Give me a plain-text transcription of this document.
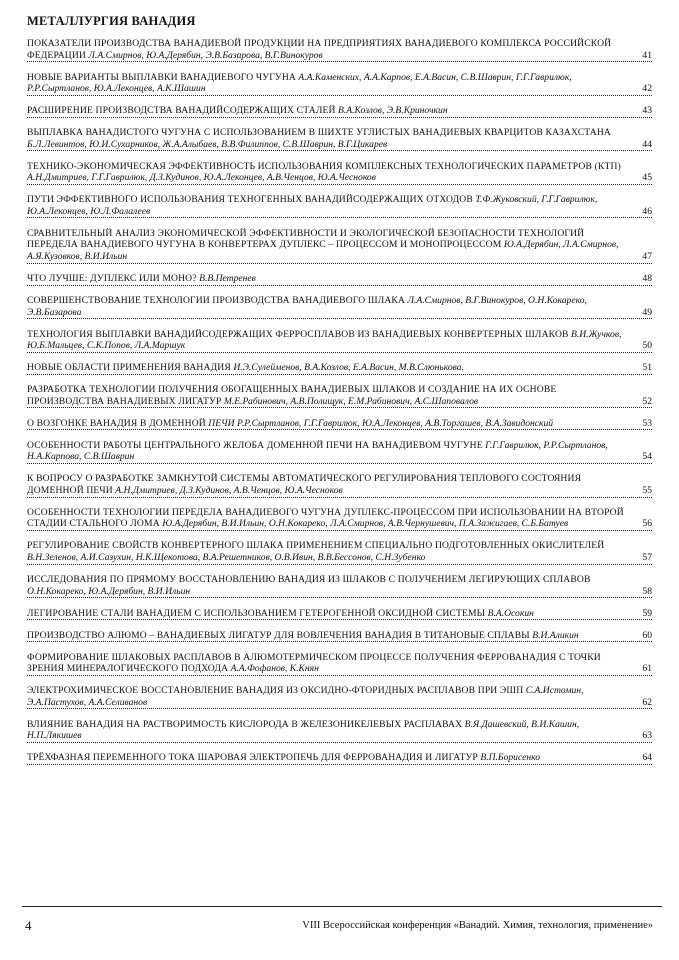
МЕТАЛЛУРГИЯ ВАНАДИЯ
ПОКАЗАТЕЛИ ПРОИЗВОДСТВА ВАНАДИЕВОЙ ПРОДУКЦИИ НА ПРЕДПРИЯТИЯХ ВАНАДИЕВОГО КОМПЛЕКСА РОССИЙСКОЙ ФЕДЕРАЦИИ Л.А.Смирнов, Ю.А.Дерябин, Э.В.Базарова, В.Г.Винокуров	41
НОВЫЕ ВАРИАНТЫ ВЫПЛАВКИ ВАНАДИЕВОГО ЧУГУНА А.А.Каменских, А.А.Карпов, Е.А.Васин, С.В.Шаврин, Г.Г.Гаврилюк, Р.Р.Сыртланов, Ю.А.Леконцев, А.К.Шашин	42
РАСШИРЕНИЕ ПРОИЗВОДСТВА ВАНАДИЙСОДЕРЖАЩИХ СТАЛЕЙ В.А.Козлов, Э.В.Криночкин	43
ВЫПЛАВКА ВАНАДИСТОГО ЧУГУНА С ИСПОЛЬЗОВАНИЕМ В ШИХТЕ УГЛИСТЫХ ВАНАДИЕВЫХ КВАРЦИТОВ КАЗАХСТАНА Б.Л.Левинтов, Ю.И.Сухарников, Ж.А.Алыбаев, В.В.Филиппов, С.В.Шаврин, В.Г.Цикарев	44
ТЕХНИКО-ЭКОНОМИЧЕСКАЯ ЭФФЕКТИВНОСТЬ ИСПОЛЬЗОВАНИЯ КОМПЛЕКСНЫХ ТЕХНОЛОГИЧЕСКИХ ПАРАМЕТРОВ (КТП) А.Н.Дмитриев, Г.Г.Гаврилюк, Д.З.Кудинов, Ю.А.Леконцев, А.В.Ченцов, Ю.А.Чесноков	45
ПУТИ ЭФФЕКТИВНОГО ИСПОЛЬЗОВАНИЯ ТЕХНОГЕННЫХ ВАНАДИЙСОДЕРЖАЩИХ ОТХОДОВ Т.Ф.Жуковский, Г.Г.Гаврилюк, Ю.А.Леконцев, Ю.Л.Фалалеев	46
СРАВНИТЕЛЬНЫЙ АНАЛИЗ ЭКОНОМИЧЕСКОЙ ЭФФЕКТИВНОСТИ И ЭКОЛОГИЧЕСКОЙ БЕЗОПАСНОСТИ ТЕХНОЛОГИЙ ПЕРЕДЕЛА ВАНАДИЕВОГО ЧУГУНА В КОНВЕРТЕРАХ ДУПЛЕКС – ПРОЦЕССОМ И МОНОПРОЦЕССОМ Ю.А.Дерябин, Л.А.Смирнов, А.Я.Кузовков, В.И.Ильин	47
ЧТО ЛУЧШЕ: ДУПЛЕКС ИЛИ МОНО? В.В.Петренев	48
СОВЕРШЕНСТВОВАНИЕ ТЕХНОЛОГИИ ПРОИЗВОДСТВА ВАНАДИЕВОГО ШЛАКА Л.А.Смирнов, В.Г.Винокуров, О.Н.Кокарeко, Э.В.Базарова	49
ТЕХНОЛОГИЯ ВЫПЛАВКИ ВАНАДИЙСОДЕРЖАЩИХ ФЕРРОСПЛАВОВ ИЗ ВАНАДИЕВЫХ КОНВЕРТЕРНЫХ ШЛАКОВ В.И.Жучков, Ю.Б.Мальцев, С.К.Попов, Л.А.Маршук	50
НОВЫЕ ОБЛАСТИ ПРИМЕНЕНИЯ ВАНАДИЯ И.Э.Сулейменов, В.А.Козлов, Е.А.Васин, М.В.Слюнькова.	51
РАЗРАБОТКА ТЕХНОЛОГИИ ПОЛУЧЕНИЯ ОБОГАЩЕННЫХ ВАНАДИЕВЫХ ШЛАКОВ И СОЗДАНИЕ НА ИХ ОСНОВЕ ПРОИЗВОДСТВА ВАНАДИЕВЫХ ЛИГАТУР М.Е.Рабинович, А.В.Полищук, Е.М.Рабинович, А.С.Шаповалов	52
О ВОЗГОНКЕ ВАНАДИЯ В ДОМЕННОЙ ПЕЧИ Р.Р.Сыртланов, Г.Г.Гаврилюк, Ю.А.Леконцев, А.В.Торгашев, В.А.Завидонский	53
ОСОБЕННОСТИ РАБОТЫ ЦЕНТРАЛЬНОГО ЖЕЛОБА ДОМЕННОЙ ПЕЧИ НА ВАНАДИЕВОМ ЧУГУНЕ Г.Г.Гаврилюк, Р.Р.Сыртланов, Н.А.Карпова, С.В.Шаврин	54
К ВОПРОСУ О РАЗРАБОТКЕ ЗАМКНУТОЙ СИСТЕМЫ АВТОМАТИЧЕСКОГО РЕГУЛИРОВАНИЯ ТЕПЛОВОГО СОСТОЯНИЯ ДОМЕННОЙ ПЕЧИ А.Н.Дмитриев, Д.З.Кудинов, А.В.Ченцов, Ю.А.Чесноков	55
ОСОБЕННОСТИ ТЕХНОЛОГИИ ПЕРЕДЕЛА ВАНАДИЕВОГО ЧУГУНА ДУПЛЕКС-ПРОЦЕССОМ ПРИ ИСПОЛЬЗОВАНИИ НА ВТОРОЙ СТАДИИ СТАЛЬНОГО ЛОМА Ю.А.Дерябин, В.И.Ильин, О.Н.Кокарeко, Л.А.Смирнов, А.В.Чернушевич, П.А.Зажигаев, С.Б.Батуев	56
РЕГУЛИРОВАНИЕ СВОЙСТВ КОНВЕРТЕРНОГО ШЛАКА ПРИМЕНЕНИЕМ СПЕЦИАЛЬНО ПОДГОТОВЛЕННЫХ ОКИСЛИТЕЛЕЙ В.Н.Зеленов, А.И.Сазухин, Н.К.Щекотова, В.А.Решетников, О.В.Ивин, В.В.Бессонов, С.Н.Зубенко	57
ИССЛЕДОВАНИЯ ПО ПРЯМОМУ ВОССТАНОВЛЕНИЮ ВАНАДИЯ ИЗ ШЛАКОВ С ПОЛУЧЕНИЕМ ЛЕГИРУЮЩИХ СПЛАВОВ О.Н.Кокарeко, Ю.А.Дерябин, В.И.Ильин	58
ЛЕГИРОВАНИЕ СТАЛИ ВАНАДИЕМ С ИСПОЛЬЗОВАНИЕМ ГЕТЕРОГЕННОЙ ОКСИДНОЙ СИСТЕМЫ В.А.Осокин	59
ПРОИЗВОДСТВО АЛЮМО – ВАНАДИЕВЫХ ЛИГАТУР ДЛЯ ВОВЛЕЧЕНИЯ ВАНАДИЯ В ТИТАНОВЫЕ СПЛАВЫ В.И.Аликин	60
ФОРМИРОВАНИЕ ШЛАКОВЫХ РАСПЛАВОВ В АЛЮМОТЕРМИЧЕСКОМ ПРОЦЕССЕ ПОЛУЧЕНИЯ ФЕРРОВАНАДИЯ С ТОЧКИ ЗРЕНИЯ МИНЕРАЛОГИЧЕСКОГО ПОДХОДА А.А.Фофанов, К.Княн	61
ЭЛЕКТРОХИМИЧЕСКОЕ ВОССТАНОВЛЕНИЕ ВАНАДИЯ ИЗ ОКСИДНО-ФТОРИДНЫХ РАСПЛАВОВ ПРИ ЭШП С.А.Истомин, Э.А.Пастухов, А.А.Селиванов	62
ВЛИЯНИЕ ВАНАДИЯ НА РАСТВОРИМОСТЬ КИСЛОРОДА В ЖЕЛЕЗОНИКЕЛЕВЫХ РАСПЛАВАХ В.Я.Дашевский, В.И.Кашин, Н.П.Лякишев	63
ТРЁХФАЗНАЯ ПЕРЕМЕННОГО ТОКА ШАРОВАЯ ЭЛЕКТРОПЕЧЬ ДЛЯ ФЕРРОВАНАДИЯ И ЛИГАТУР В.П.Борисенко	64
4	VIII Всероссийская конференция «Ванадий. Химия, технология, применение»
